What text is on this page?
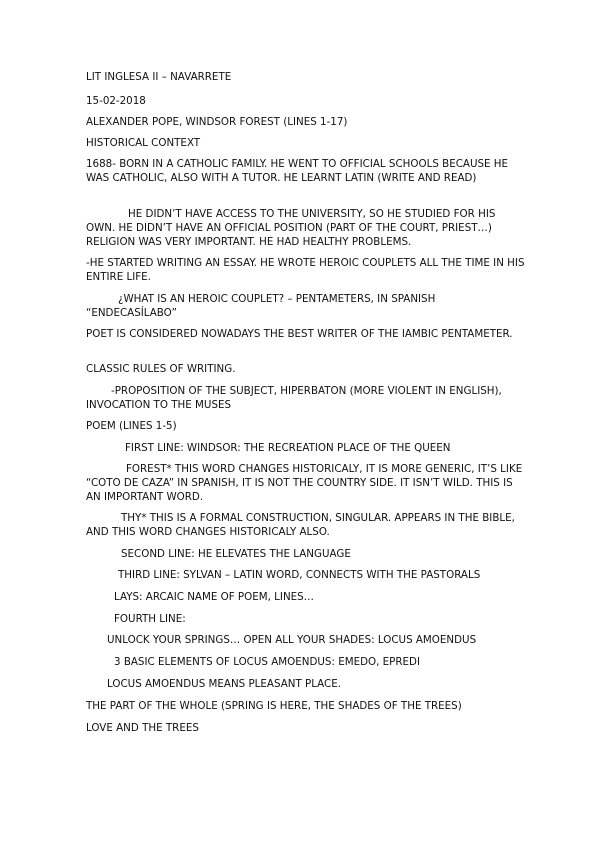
LIT INGLESA II – NAVARRETE

15-02-2018

ALEXANDER POPE, WINDSOR FOREST (LINES 1-17)

HISTORICAL CONTEXT

1688- BORN IN A CATHOLIC FAMILY. HE WENT TO OFFICIAL SCHOOLS BECAUSE HE WAS CATHOLIC, ALSO WITH A TUTOR. HE LEARNT LATIN (WRITE AND READ)

HE DIDN’T HAVE ACCESS TO THE UNIVERSITY, SO HE STUDIED FOR HIS OWN. HE DIDN’T HAVE AN OFFICIAL POSITION (PART OF THE COURT, PRIEST…) RELIGION WAS VERY IMPORTANT. HE HAD HEALTHY PROBLEMS.

-HE STARTED WRITING AN ESSAY. HE WROTE HEROIC COUPLETS ALL THE TIME IN HIS ENTIRE LIFE.

¿WHAT IS AN HEROIC COUPLET? – PENTAMETERS, IN SPANISH “ENDECASÍLABO”

POET IS CONSIDERED NOWADAYS THE BEST WRITER OF THE IAMBIC PENTAMETER.

CLASSIC RULES OF WRITING.

-PROPOSITION OF THE SUBJECT, HIPERBATON (MORE VIOLENT IN ENGLISH), INVOCATION TO THE MUSES

POEM (LINES 1-5)

FIRST LINE: WINDSOR: THE RECREATION PLACE OF THE QUEEN

FOREST* THIS WORD CHANGES HISTORICALY, IT IS MORE GENERIC, IT’S LIKE “COTO DE CAZA” IN SPANISH, IT IS NOT THE COUNTRY SIDE. IT ISN’T WILD. THIS IS AN IMPORTANT WORD.

THY* THIS IS A FORMAL CONSTRUCTION, SINGULAR. APPEARS IN THE BIBLE, AND THIS WORD CHANGES HISTORICALY ALSO.

SECOND LINE: HE ELEVATES THE LANGUAGE

THIRD LINE: SYLVAN – LATIN WORD, CONNECTS WITH THE PASTORALS

LAYS: ARCAIC NAME OF POEM, LINES…

FOURTH LINE:

UNLOCK YOUR SPRINGS… OPEN ALL YOUR SHADES: LOCUS AMOENDUS

3 BASIC ELEMENTS OF LOCUS AMOENDUS: EMEDO, EPREDI

LOCUS AMOENDUS MEANS PLEASANT PLACE.

THE PART OF THE WHOLE (SPRING IS HERE, THE SHADES OF THE TREES)

LOVE AND THE TREES
